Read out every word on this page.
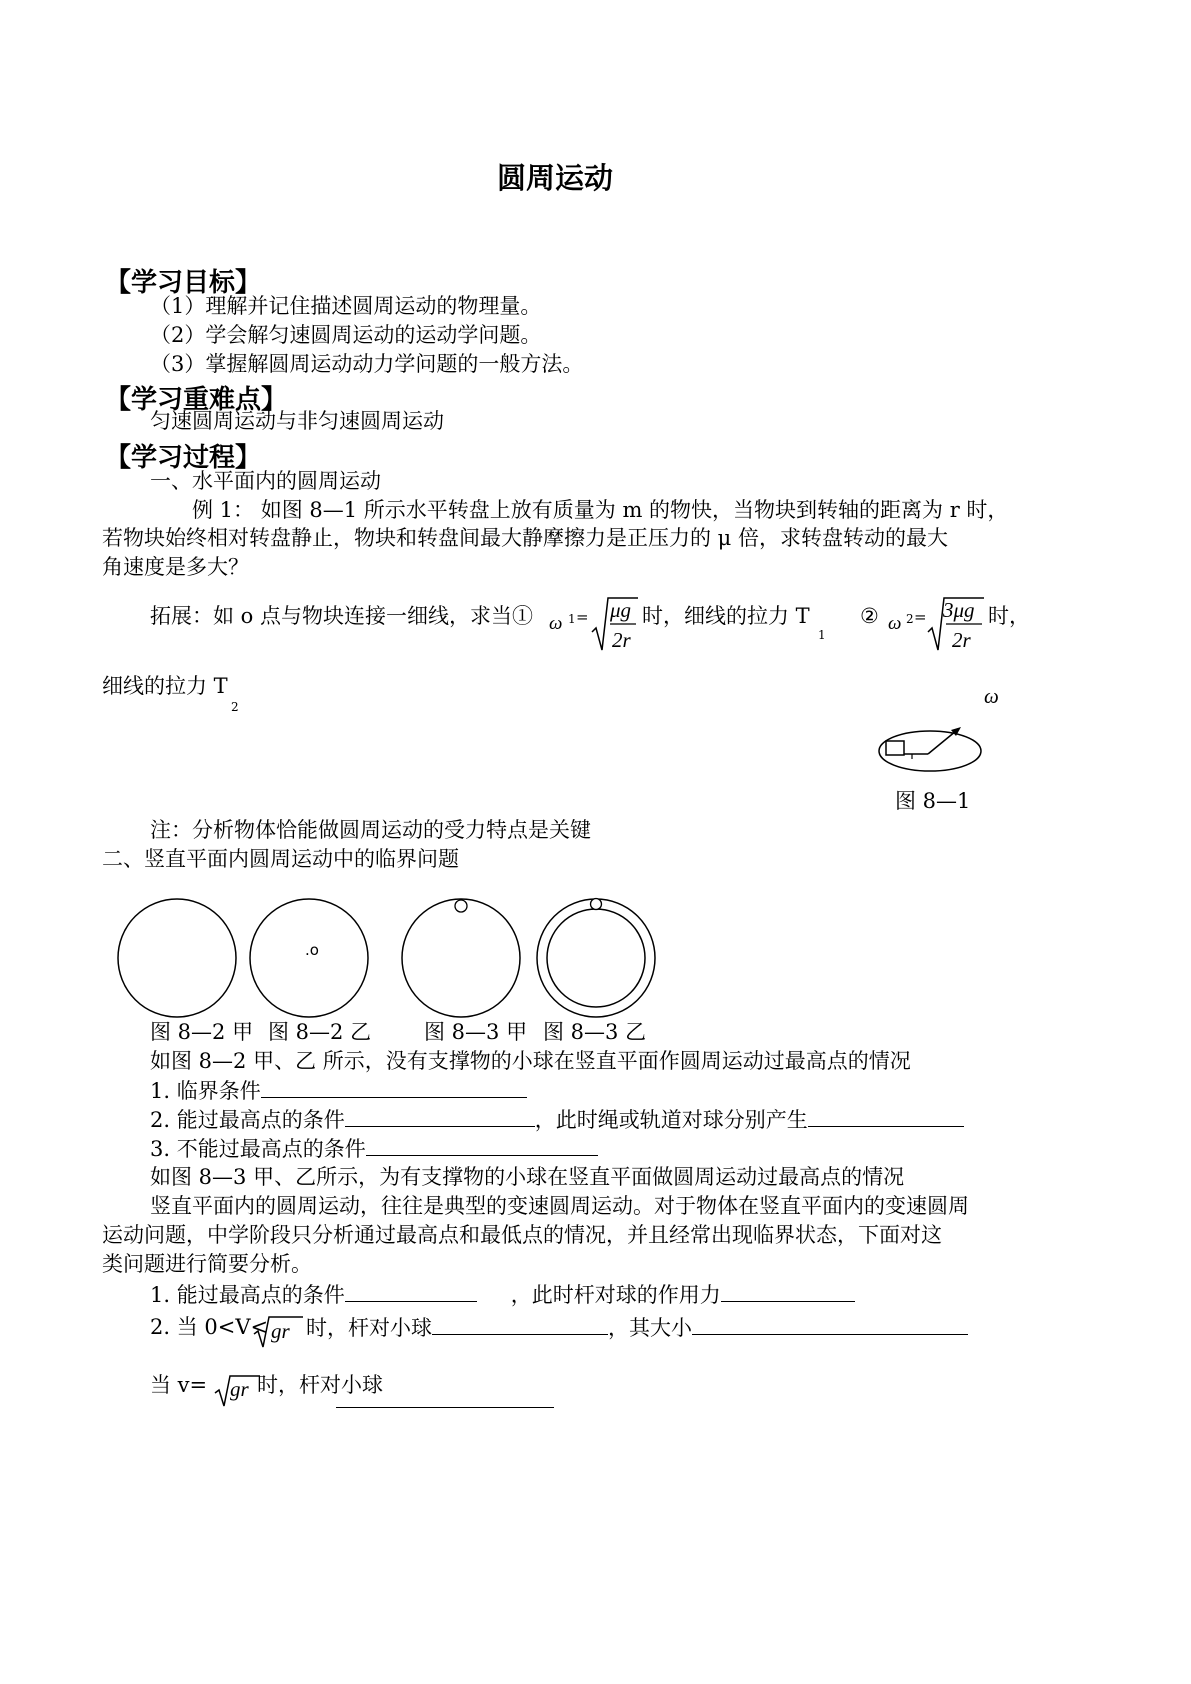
圆周运动
【学习目标】
（1）理解并记住描述圆周运动的物理量。
（2）学会解匀速圆周运动的运动学问题。
（3）掌握解圆周运动动力学问题的一般方法。
【学习重难点】
匀速圆周运动与非匀速圆周运动
【学习过程】
一、水平面内的圆周运动
例 1： 如图 8—1 所示水平转盘上放有质量为 m 的物快，当物块到转轴的距离为 r 时，
若物块始终相对转盘静止，物块和转盘间最大静摩擦力是正压力的 μ 倍，求转盘转动的最大
角速度是多大？
拓展：如 o 点与物块连接一细线，求当① ω 1 = μg
2r
时，细线的拉力 T
1
② ω 2 = 3μg
2r
时，
细线的拉力 T
2	ω
图 8—1
注：分析物体恰能做圆周运动的受力特点是关键
二、竖直平面内圆周运动中的临界问题
.o
图 8—2 甲 图 8—2 乙	图 8—3 甲 图 8—3 乙
如图 8—2 甲、乙 所示，没有支撑物的小球在竖直平面作圆周运动过最高点的情况
1. 临界条件
2. 能过最高点的条件	，此时绳或轨道对球分别产生
3. 不能过最高点的条件
如图 8—3 甲、乙所示，为有支撑物的小球在竖直平面做圆周运动过最高点的情况
竖直平面内的圆周运动，往往是典型的变速圆周运动。对于物体在竖直平面内的变速圆周
运动问题，中学阶段只分析通过最高点和最低点的情况，并且经常出现临界状态，下面对这
类问题进行简要分析。
1. 能过最高点的条件	，此时杆对球的作用力
2. 当 0<V< gr 时，杆对小球	，其大小
当 v= gr 时，杆对小球
